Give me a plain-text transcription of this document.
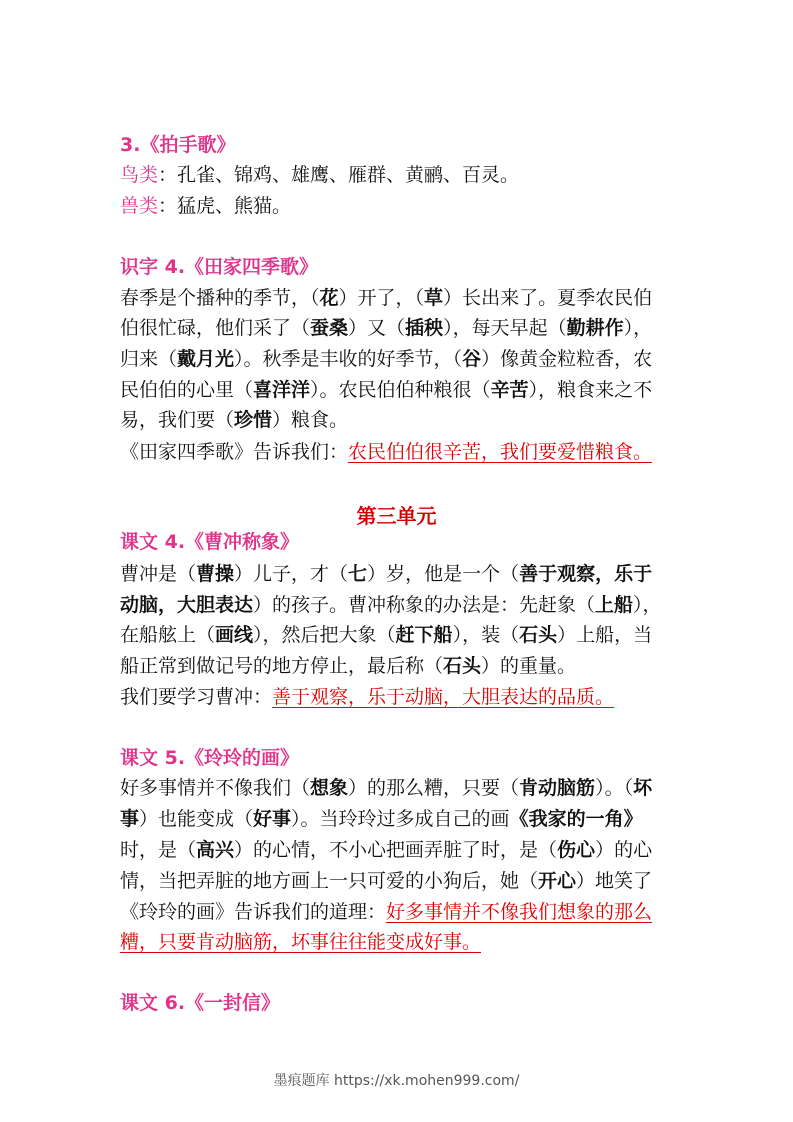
3.《拍手歌》
鸟类：孔雀、锦鸡、雄鹰、雁群、黄鹂、百灵。
兽类：猛虎、熊猫。
识字 4.《田家四季歌》
春季是个播种的季节，（花）开了，（草）长出来了。夏季农民伯
伯很忙碌，他们采了（蚕桑）又（插秧），每天早起（勤耕作），
归来（戴月光）。秋季是丰收的好季节，（谷）像黄金粒粒香，农
民伯伯的心里（喜洋洋）。农民伯伯种粮很（辛苦），粮食来之不
易，我们要（珍惜）粮食。
《田家四季歌》告诉我们：农民伯伯很辛苦，我们要爱惜粮食。
第三单元
课文 4.《曹冲称象》
曹冲是（曹操）儿子，才（七）岁，他是一个（善于观察，乐于
动脑，大胆表达）的孩子。曹冲称象的办法是：先赶象（上船），
在船舷上（画线），然后把大象（赶下船），装（石头）上船，当
船正常到做记号的地方停止，最后称（石头）的重量。
我们要学习曹冲：善于观察，乐于动脑，大胆表达的品质。
课文 5.《玲玲的画》
好多事情并不像我们（想象）的那么糟，只要（肯动脑筋）。（坏
事）也能变成（好事）。当玲玲过多成自己的画《我家的一角》
时，是（高兴）的心情，不小心把画弄脏了时，是（伤心）的心
情，当把弄脏的地方画上一只可爱的小狗后，她（开心）地笑了
《玲玲的画》告诉我们的道理：好多事情并不像我们想象的那么
糟，只要肯动脑筋，坏事往往能变成好事。
课文 6.《一封信》
墨痕题库 https://xk.mohen999.com/
